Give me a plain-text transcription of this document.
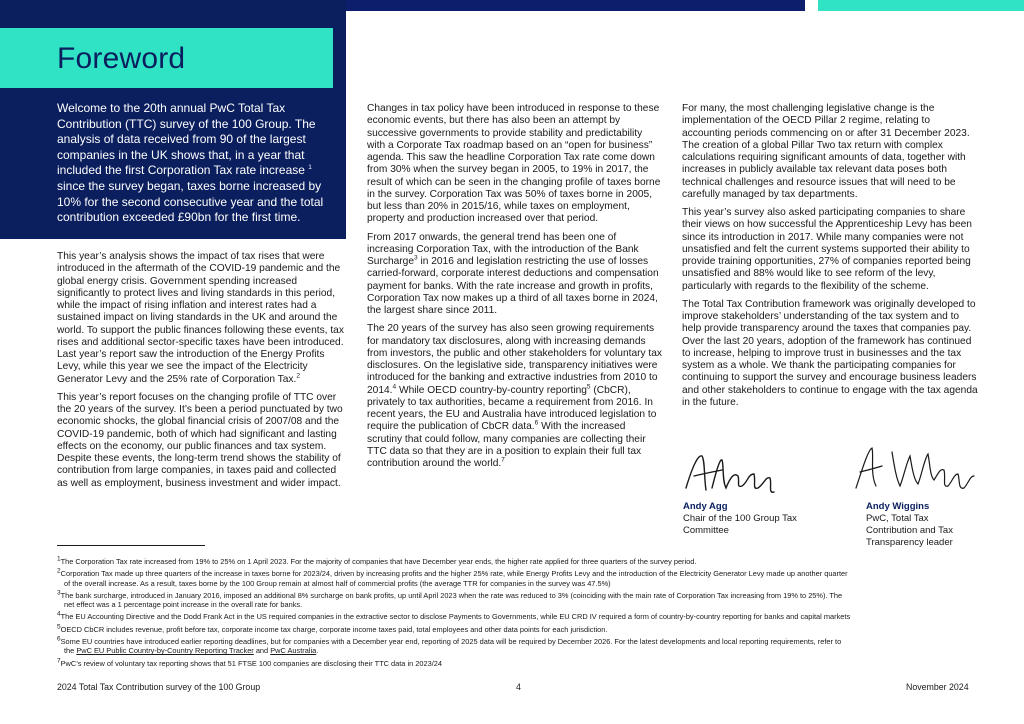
Foreword
Welcome to the 20th annual PwC Total Tax Contribution (TTC) survey of the 100 Group. The analysis of data received from 90 of the largest companies in the UK shows that, in a year that included the first Corporation Tax rate increase $^1$ since the survey began, taxes borne increased by 10% for the second consecutive year and the total contribution exceeded £90bn for the first time.

This year’s analysis shows the impact of tax rises that were introduced in the aftermath of the COVID-19 pandemic and the global energy crisis. Government spending increased significantly to protect lives and living standards in this period, while the impact of rising inflation and interest rates had a sustained impact on living standards in the UK and around the world. To support the public finances following these events, tax rises and additional sector-specific taxes have been introduced. Last year’s report saw the introduction of the Energy Profits Levy, while this year we see the impact of the Electricity Generator Levy and the 25% rate of Corporation Tax.$^2$

This year’s report focuses on the changing profile of TTC over the 20 years of the survey. It’s been a period punctuated by two economic shocks, the global financial crisis of 2007/08 and the COVID-19 pandemic, both of which had significant and lasting effects on the economy, our public finances and tax system. Despite these events, the long-term trend shows the stability of contribution from large companies, in taxes paid and collected as well as employment, business investment and wider impact.

Changes in tax policy have been introduced in response to these economic events, but there has also been an attempt by successive governments to provide stability and predictability with a Corporate Tax roadmap based on an “open for business” agenda. This saw the headline Corporation Tax rate come down from 30% when the survey began in 2005, to 19% in 2017, the result of which can be seen in the changing profile of taxes borne in the survey. Corporation Tax was 50% of taxes borne in 2005, but less than 20% in 2015/16, while taxes on employment, property and production increased over that period.

From 2017 onwards, the general trend has been one of increasing Corporation Tax, with the introduction of the Bank Surcharge$^3$ in 2016 and legislation restricting the use of losses carried-forward, corporate interest deductions and compensation payment for banks. With the rate increase and growth in profits, Corporation Tax now makes up a third of all taxes borne in 2024, the largest share since 2011.

The 20 years of the survey has also seen growing requirements for mandatory tax disclosures, along with increasing demands from investors, the public and other stakeholders for voluntary tax disclosures. On the legislative side, transparency initiatives were introduced for the banking and extractive industries from 2010 to 2014.$^4$ While OECD country-by-country reporting$^5$ (CbCR), privately to tax authorities, became a requirement from 2016. In recent years, the EU and Australia have introduced legislation to require the publication of CbCR data.$^6$ With the increased scrutiny that could follow, many companies are collecting their TTC data so that they are in a position to explain their full tax contribution around the world.$^7$

For many, the most challenging legislative change is the implementation of the OECD Pillar 2 regime, relating to accounting periods commencing on or after 31 December 2023. The creation of a global Pillar Two tax return with complex calculations requiring significant amounts of data, together with increases in publicly available tax relevant data poses both technical challenges and resource issues that will need to be carefully managed by tax departments.

This year’s survey also asked participating companies to share their views on how successful the Apprenticeship Levy has been since its introduction in 2017. While many companies were not unsatisfied and felt the current systems supported their ability to provide training opportunities, 27% of companies reported being unsatisfied and 88% would like to see reform of the levy, particularly with regards to the flexibility of the scheme.

The Total Tax Contribution framework was originally developed to improve stakeholders’ understanding of the tax system and to help provide transparency around the taxes that companies pay. Over the last 20 years, adoption of the framework has continued to increase, helping to improve trust in businesses and the tax system as a whole. We thank the participating companies for continuing to support the survey and encourage business leaders and other stakeholders to continue to engage with the tax agenda in the future.

Andy Agg
Chair of the 100 Group Tax Committee
Andy Wiggins
PwC, Total Tax Contribution and Tax Transparency leader
$^1$The Corporation Tax rate increased from 19% to 25% on 1 April 2023. For the majority of companies that have December year ends, the higher rate applied for three quarters of the survey period.
$^2$Corporation Tax made up three quarters of the increase in taxes borne for 2023/24, driven by increasing profits and the higher 25% rate, while Energy Profits Levy and the introduction of the Electricity Generator Levy made up another quarter
of the overall increase. As a result, taxes borne by the 100 Group remain at almost half of commercial profits (the average TTR for companies in the survey was 47.5%)
$^3$The bank surcharge, introduced in January 2016, imposed an additional 8% surcharge on bank profits, up until April 2023 when the rate was reduced to 3% (coinciding with the main rate of Corporation Tax increasing from 19% to 25%). The
net effect was a 1 percentage point increase in the overall rate for banks.
$^4$The EU Accounting Directive and the Dodd Frank Act in the US required companies in the extractive sector to disclose Payments to Governments, while EU CRD IV required a form of country-by-country reporting for banks and capital markets
$^5$OECD CbCR includes revenue, profit before tax, corporate income tax charge, corporate income taxes paid, total employees and other data points for each jurisdiction.
$^6$Some EU countries have introduced earlier reporting deadlines, but for companies with a December year end, reporting of 2025 data will be required by December 2026. For the latest developments and local reporting requirements, refer to
the PwC EU Public Country-by-Country Reporting Tracker and PwC Australia.
$^7$PwC’s review of voluntary tax reporting shows that 51 FTSE 100 companies are disclosing their TTC data in 2023/24
2024 Total Tax Contribution survey of the 100 Group	4	November 2024
